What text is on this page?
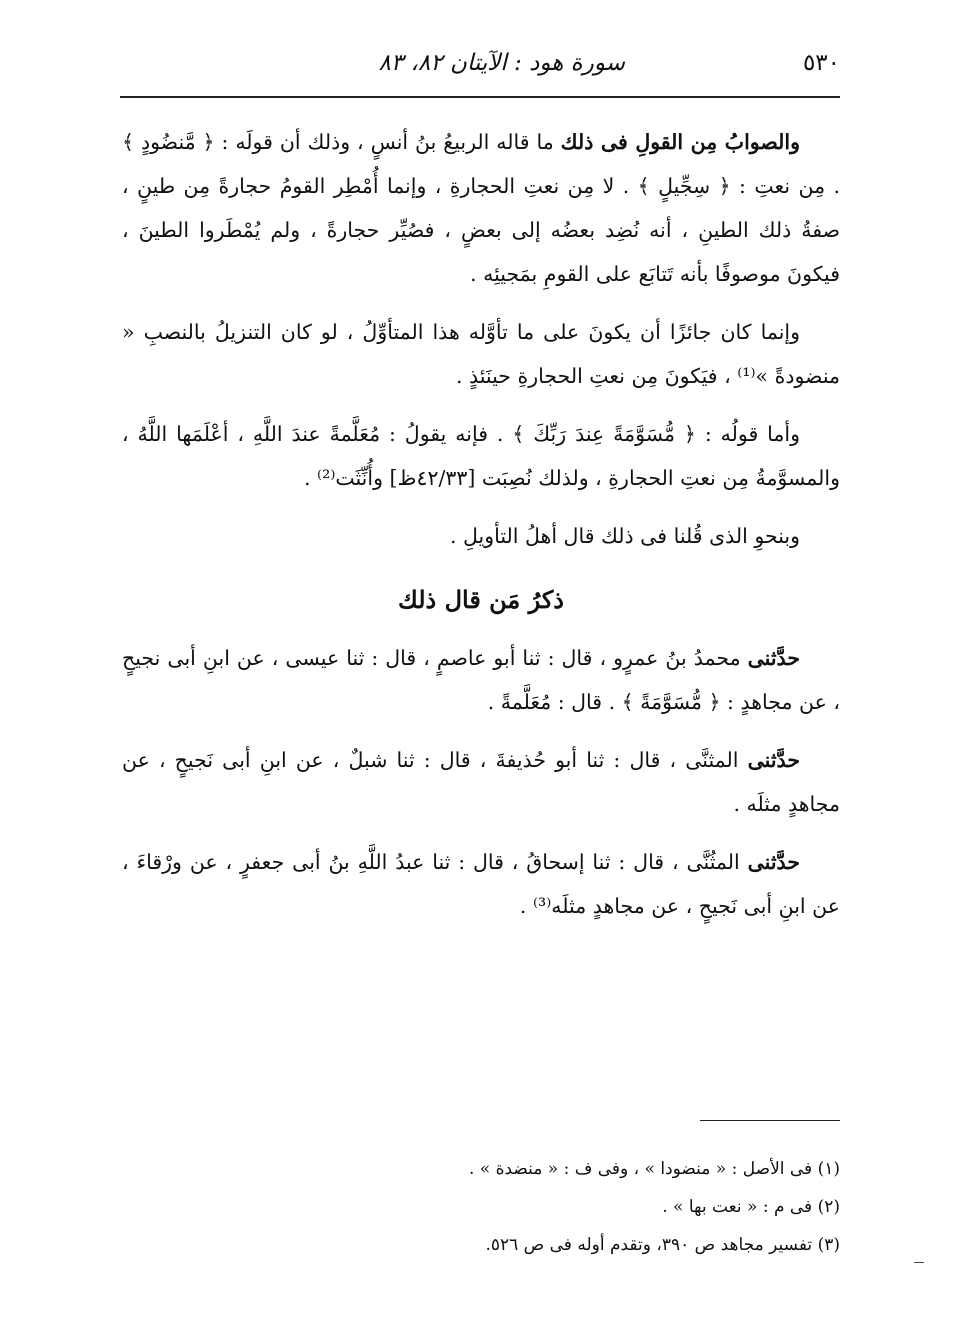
٥٣٠
سورة هود : الآيتان ٨٢، ٨٣

والصوابُ مِن القولِ فى ذلك ما قاله الربيعُ بنُ أنسٍ ، وذلك أن قولَه : ﴿ مَّنضُودٍ ﴾ . مِن نعتِ : ﴿ سِجِّيلٍ ﴾ . لا مِن نعتِ الحجارةِ ، وإنما أُمْطِر القومُ حجارةً مِن طينٍ ، صفةُ ذلك الطينِ ، أنه نُضِد بعضُه إلى بعضٍ ، فصُيِّر حجارةً ، ولم يُمْطَروا الطينَ ، فيكونَ موصوفًا بأنه تَتابَع على القومِ بمَجيئِه .

وإنما كان جائزًا أن يكونَ على ما تأوَّله هذا المتأوِّلُ ، لو كان التنزيلُ بالنصبِ « منضودةً »⁽¹⁾ ، فيَكونَ مِن نعتِ الحجارةِ حينَئذٍ .

وأما قولُه : ﴿ مُّسَوَّمَةً عِندَ رَبِّكَ ﴾ . فإنه يقولُ : مُعَلَّمةً عندَ اللَّهِ ، أعْلَمَها اللَّهُ ، والمسوَّمةُ مِن نعتِ الحجارةِ ، ولذلك نُصِبَت [٤٢/٣٣ظ] وأُنِّثَت⁽²⁾ .

وبنحوِ الذى قُلنا فى ذلك قال أهلُ التأويلِ .

ذكرُ مَن قال ذلك

حدَّثنى محمدُ بنُ عمرٍو ، قال : ثنا أبو عاصمٍ ، قال : ثنا عيسى ، عن ابنِ أبى نجيحٍ ، عن مجاهدٍ : ﴿ مُّسَوَّمَةً ﴾ . قال : مُعَلَّمةً .

حدَّثنى المثنَّى ، قال : ثنا أبو حُذيفةَ ، قال : ثنا شبلٌ ، عن ابنِ أبى نَجيحٍ ، عن مجاهدٍ مثلَه .

حدَّثنى المثُنَّى ، قال : ثنا إسحاقُ ، قال : ثنا عبدُ اللَّهِ بنُ أبى جعفرٍ ، عن ورْقاءَ ، عن ابنِ أبى نَجيحٍ ، عن مجاهدٍ مثلَه⁽³⁾ .

(١) فى الأصل : « منضودا » ، وفى ف : « منضدة » .

(٢) فى م : « نعت بها » .

(٣) تفسير مجاهد ص ٣٩٠، وتقدم أوله فى ص ٥٢٦.
